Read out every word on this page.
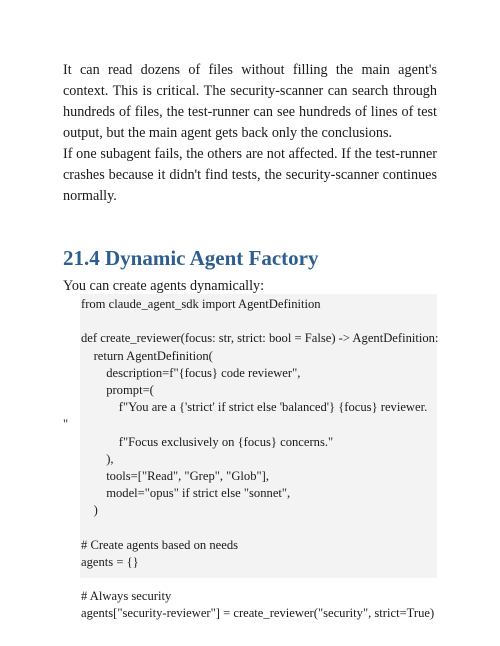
It can read dozens of files without filling the main agent's context. This is critical. The security-scanner can search through hundreds of files, the test-runner can see hundreds of lines of test output, but the main agent gets back only the conclusions.

If one subagent fails, the others are not affected. If the test-runner crashes because it didn't find tests, the security-scanner continues normally.

21.4 Dynamic Agent Factory

You can create agents dynamically:

from claude_agent_sdk import AgentDefinition
def create_reviewer(focus: str, strict: bool = False) -> AgentDefinition:
return AgentDefinition(
description=f"{focus} code reviewer",
prompt=(
f"You are a {'strict' if strict else 'balanced'} {focus} reviewer.
"
f"Focus exclusively on {focus} concerns."
),
tools=["Read", "Grep", "Glob"],
model="opus" if strict else "sonnet",
)
# Create agents based on needs
agents = {}
# Always security
agents["security-reviewer"] = create_reviewer("security", strict=True)
